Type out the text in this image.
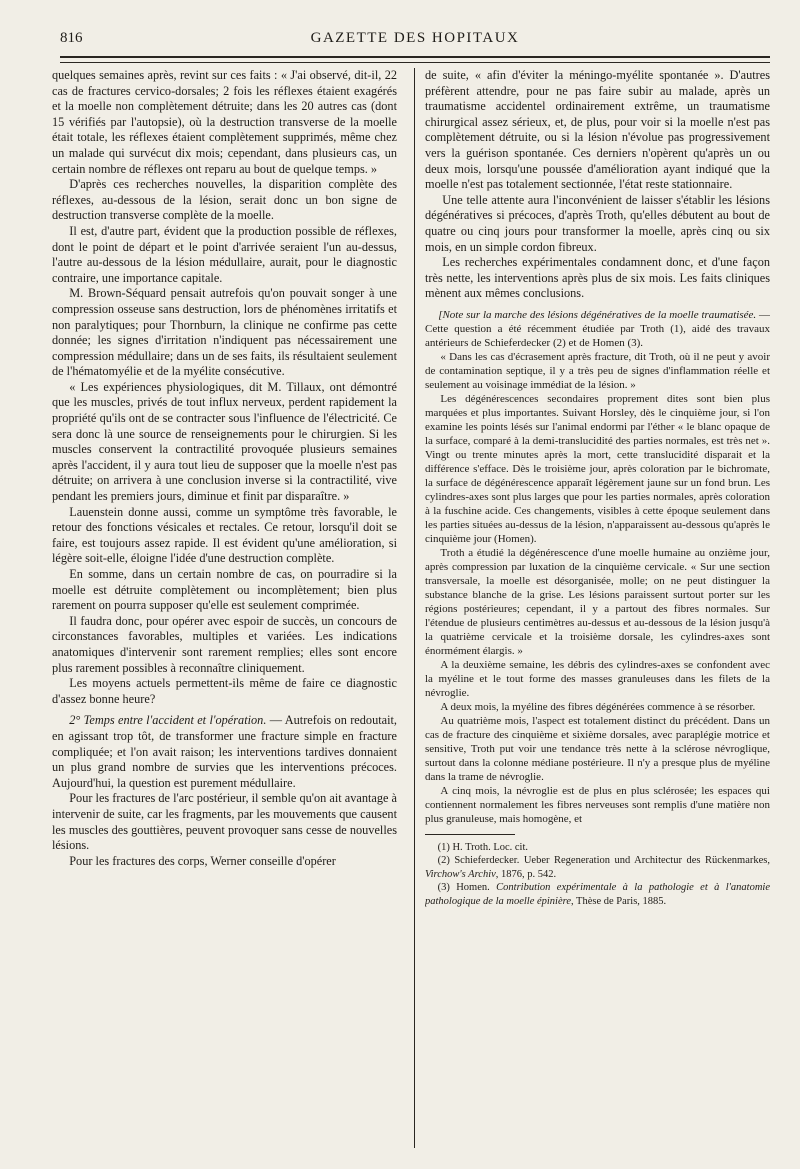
816	GAZETTE DES HOPITAUX

quelques semaines après, revint sur ces faits : « J'ai observé, dit-il, 22 cas de fractures cervico-dorsales; 2 fois les réflexes étaient exagérés et la moelle non complètement détruite; dans les 20 autres cas (dont 15 vérifiés par l'autopsie), où la destruction transverse de la moelle était totale, les réflexes étaient complètement supprimés, même chez un malade qui survécut dix mois; cependant, dans plusieurs cas, un certain nombre de réflexes ont reparu au bout de quelque temps. »

D'après ces recherches nouvelles, la disparition complète des réflexes, au-dessous de la lésion, serait donc un bon signe de destruction transverse complète de la moelle.

Il est, d'autre part, évident que la production possible de réflexes, dont le point de départ et le point d'arrivée seraient l'un au-dessus, l'autre au-dessous de la lésion médullaire, aurait, pour le diagnostic contraire, une importance capitale.

M. Brown-Séquard pensait autrefois qu'on pouvait songer à une compression osseuse sans destruction, lors de phénomènes irritatifs et non paralytiques; pour Thornburn, la clinique ne confirme pas cette donnée; les signes d'irritation n'indiquent pas nécessairement une compression médullaire; dans un de ses faits, ils résultaient seulement de l'hématomyélie et de la myélite consécutive.

« Les expériences physiologiques, dit M. Tillaux, ont démontré que les muscles, privés de tout influx nerveux, perdent rapidement la propriété qu'ils ont de se contracter sous l'influence de l'électricité. Ce sera donc là une source de renseignements pour le chirurgien. Si les muscles conservent la contractilité provoquée plusieurs semaines après l'accident, il y aura tout lieu de supposer que la moelle n'est pas détruite; on arrivera à une conclusion inverse si la contractilité, vive pendant les premiers jours, diminue et finit par disparaître. »

Lauenstein donne aussi, comme un symptôme très favorable, le retour des fonctions vésicales et rectales. Ce retour, lorsqu'il doit se faire, est toujours assez rapide. Il est évident qu'une amélioration, si légère soit-elle, éloigne l'idée d'une destruction complète.

En somme, dans un certain nombre de cas, on pourradire si la moelle est détruite complètement ou incomplètement; bien plus rarement on pourra supposer qu'elle est seulement comprimée.

Il faudra donc, pour opérer avec espoir de succès, un concours de circonstances favorables, multiples et variées. Les indications anatomiques d'intervenir sont rarement remplies; elles sont encore plus rarement possibles à reconnaître cliniquement.

Les moyens actuels permettent-ils même de faire ce diagnostic d'assez bonne heure?

2° Temps entre l'accident et l'opération. — Autrefois on redoutait, en agissant trop tôt, de transformer une fracture simple en fracture compliquée; et l'on avait raison; les interventions tardives donnaient un plus grand nombre de survies que les interventions précoces. Aujourd'hui, la question est purement médullaire.

Pour les fractures de l'arc postérieur, il semble qu'on ait avantage à intervenir de suite, car les fragments, par les mouvements que causent les muscles des gouttières, peuvent provoquer sans cesse de nouvelles lésions.

Pour les fractures des corps, Werner conseille d'opérer

de suite, « afin d'éviter la méningo-myélite spontanée ». D'autres préfèrent attendre, pour ne pas faire subir au malade, après un traumatisme accidentel ordinairement extrême, un traumatisme chirurgical assez sérieux, et, de plus, pour voir si la moelle n'est pas complètement détruite, ou si la lésion n'évolue pas progressivement vers la guérison spontanée. Ces derniers n'opèrent qu'après un ou deux mois, lorsqu'une poussée d'amélioration ayant indiqué que la moelle n'est pas totalement sectionnée, l'état reste stationnaire.

Une telle attente aura l'inconvénient de laisser s'établir les lésions dégénératives si précoces, d'après Troth, qu'elles débutent au bout de quatre ou cinq jours pour transformer la moelle, après cinq ou six mois, en un simple cordon fibreux.

Les recherches expérimentales condamnent donc, et d'une façon très nette, les interventions après plus de six mois. Les faits cliniques mènent aux mêmes conclusions.

[Note sur la marche des lésions dégénératives de la moelle traumatisée. — Cette question a été récemment étudiée par Troth (1), aidé des travaux antérieurs de Schieferdecker (2) et de Homen (3).

« Dans les cas d'écrasement après fracture, dit Troth, où il ne peut y avoir de contamination septique, il y a très peu de signes d'inflammation réelle et seulement au voisinage immédiat de la lésion. »

Les dégénérescences secondaires proprement dites sont bien plus marquées et plus importantes. Suivant Horsley, dès le cinquième jour, si l'on examine les points lésés sur l'animal endormi par l'éther « le blanc opaque de la surface, comparé à la demi-translucidité des parties normales, est très net ». Vingt ou trente minutes après la mort, cette translucidité disparait et la différence s'efface. Dès le troisième jour, après coloration par le bichromate, la surface de dégénérescence apparaît légèrement jaune sur un fond brun. Les cylindres-axes sont plus larges que pour les parties normales, après coloration à la fuschine acide. Ces changements, visibles à cette époque seulement dans les parties situées au-dessus de la lésion, n'apparaissent au-dessous qu'après le cinquième jour (Homen).

Troth a étudié la dégénérescence d'une moelle humaine au onzième jour, après compression par luxation de la cinquième cervicale. « Sur une section transversale, la moelle est désorganisée, molle; on ne peut distinguer la substance blanche de la grise. Les lésions paraissent surtout porter sur les régions postérieures; cependant, il y a partout des fibres normales. Sur l'étendue de plusieurs centimètres au-dessus et au-dessous de la lésion jusqu'à la quatrième cervicale et la troisième dorsale, les cylindres-axes sont énormément élargis. »

A la deuxième semaine, les débris des cylindres-axes se confondent avec la myéline et le tout forme des masses granuleuses dans les filets de la névroglie.

A deux mois, la myéline des fibres dégénérées commence à se résorber.

Au quatrième mois, l'aspect est totalement distinct du précédent. Dans un cas de fracture des cinquième et sixième dorsales, avec paraplégie motrice et sensitive, Troth put voir une tendance très nette à la sclérose névroglique, surtout dans la colonne médiane postérieure. Il n'y a presque plus de myéline dans la trame de névroglie.

A cinq mois, la névroglie est de plus en plus sclérosée; les espaces qui contiennent normalement les fibres nerveuses sont remplis d'une matière non plus granuleuse, mais homogène, et

(1) H. Troth. Loc. cit.

(2) Schieferdecker. Ueber Regeneration und Architectur des Rückenmarkes, Virchow's Archiv, 1876, p. 542.

(3) Homen. Contribution expérimentale à la pathologie et à l'anatomie pathologique de la moelle épinière, Thèse de Paris, 1885.
